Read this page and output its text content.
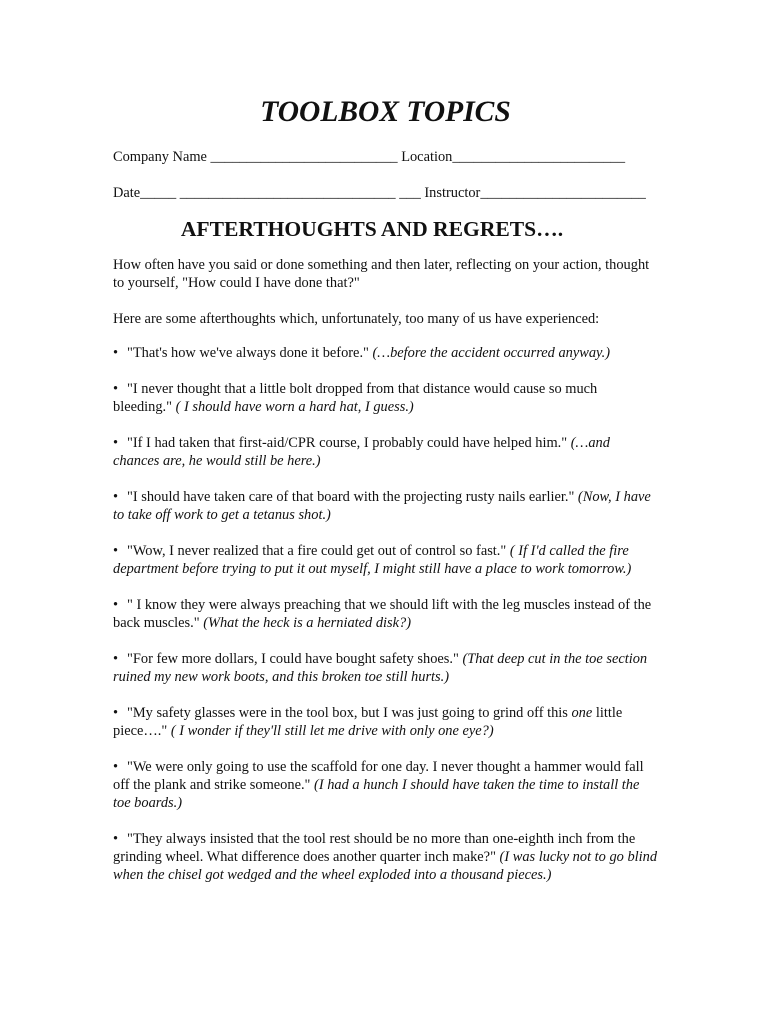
TOOLBOX TOPICS

Company Name __________________________ Location________________________

Date_____ ______________________________ ___ Instructor_______________________

AFTERTHOUGHTS AND REGRETS….

How often have you said or done something and then later, reflecting on your action, thought to yourself, "How could I have done that?"

Here are some afterthoughts which, unfortunately, too many of us have experienced:

• "That's how we've always done it before." (…before the accident occurred anyway.)
• "I never thought that a little bolt dropped from that distance would cause so much bleeding." ( I should have worn a hard hat, I guess.)
• "If I had taken that first-aid/CPR course, I probably could have helped him." (…and chances are, he would still be here.)
• "I should have taken care of that board with the projecting rusty nails earlier." (Now, I have to take off work to get a tetanus shot.)
• "Wow, I never realized that a fire could get out of control so fast." ( If I'd called the fire department before trying to put it out myself, I might still have a place to work tomorrow.)
• " I know they were always preaching that we should lift with the leg muscles instead of the back muscles." (What the heck is a herniated disk?)
• "For few more dollars, I could have bought safety shoes." (That deep cut in the toe section ruined my new work boots, and this broken toe still hurts.)
• "My safety glasses were in the tool box, but I was just going to grind off this one little piece…." ( I wonder if they'll still let me drive with only one eye?)
• "We were only going to use the scaffold for one day. I never thought a hammer would fall off the plank and strike someone." (I had a hunch I should have taken the time to install the toe boards.)
• "They always insisted that the tool rest should be no more than one-eighth inch from the grinding wheel. What difference does another quarter inch make?" (I was lucky not to go blind when the chisel got wedged and the wheel exploded into a thousand pieces.)
